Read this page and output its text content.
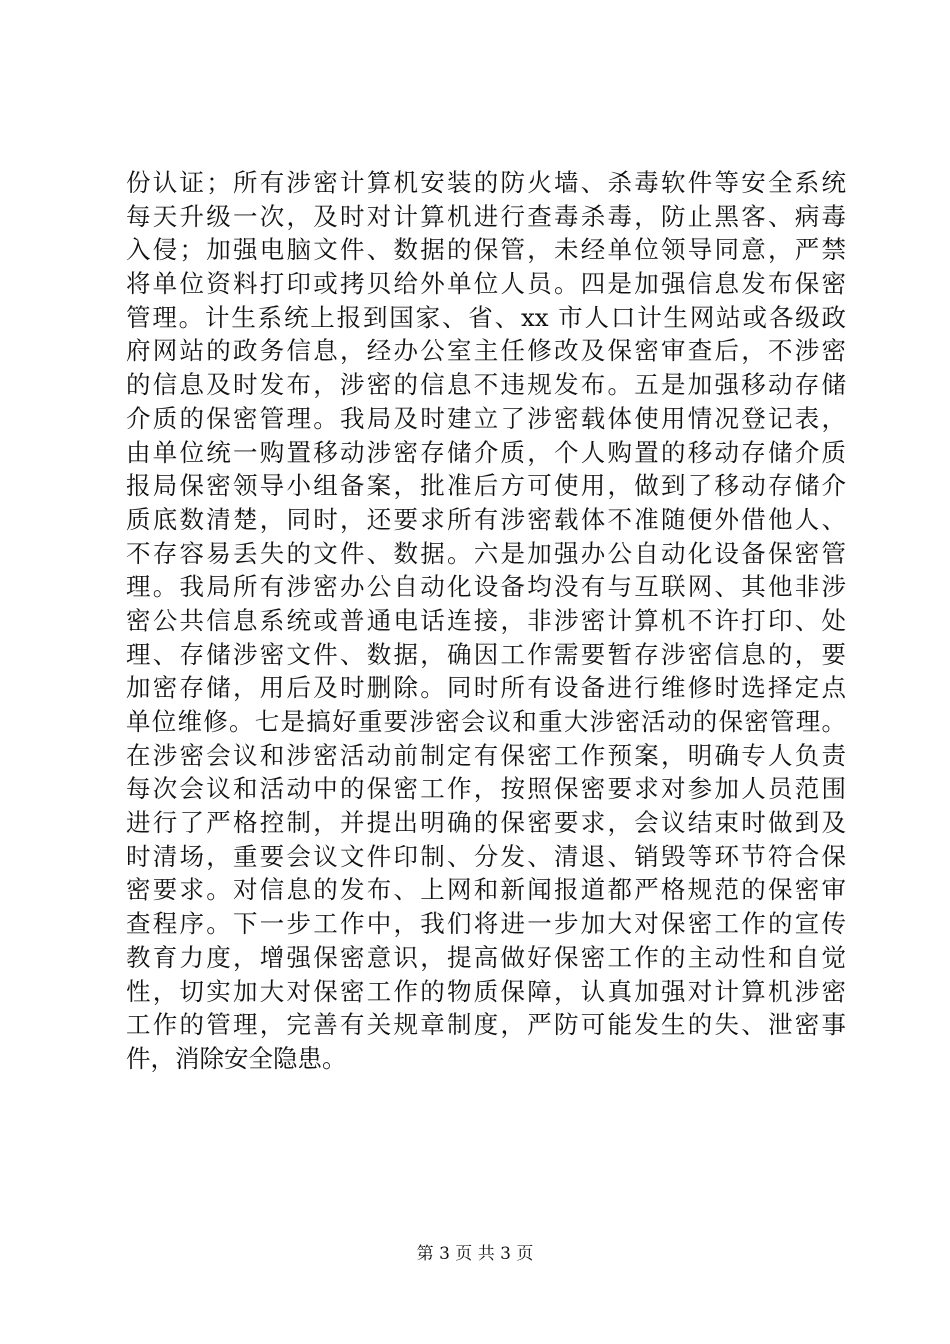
份认证；所有涉密计算机安装的防火墙、杀毒软件等安全系统
每天升级一次，及时对计算机进行查毒杀毒，防止黑客、病毒
入侵；加强电脑文件、数据的保管，未经单位领导同意，严禁
将单位资料打印或拷贝给外单位人员。四是加强信息发布保密
管理。计生系统上报到国家、省、xx 市人口计生网站或各级政
府网站的政务信息，经办公室主任修改及保密审查后，不涉密
的信息及时发布，涉密的信息不违规发布。五是加强移动存储
介质的保密管理。我局及时建立了涉密载体使用情况登记表，
由单位统一购置移动涉密存储介质，个人购置的移动存储介质
报局保密领导小组备案，批准后方可使用，做到了移动存储介
质底数清楚，同时，还要求所有涉密载体不准随便外借他人、
不存容易丢失的文件、数据。六是加强办公自动化设备保密管
理。我局所有涉密办公自动化设备均没有与互联网、其他非涉
密公共信息系统或普通电话连接，非涉密计算机不许打印、处
理、存储涉密文件、数据，确因工作需要暂存涉密信息的，要
加密存储，用后及时删除。同时所有设备进行维修时选择定点
单位维修。七是搞好重要涉密会议和重大涉密活动的保密管理。
在涉密会议和涉密活动前制定有保密工作预案，明确专人负责
每次会议和活动中的保密工作，按照保密要求对参加人员范围
进行了严格控制，并提出明确的保密要求，会议结束时做到及
时清场，重要会议文件印制、分发、清退、销毁等环节符合保
密要求。对信息的发布、上网和新闻报道都严格规范的保密审
查程序。下一步工作中，我们将进一步加大对保密工作的宣传
教育力度，增强保密意识，提高做好保密工作的主动性和自觉
性，切实加大对保密工作的物质保障，认真加强对计算机涉密
工作的管理，完善有关规章制度，严防可能发生的失、泄密事
件，消除安全隐患。
第 3 页 共 3 页
